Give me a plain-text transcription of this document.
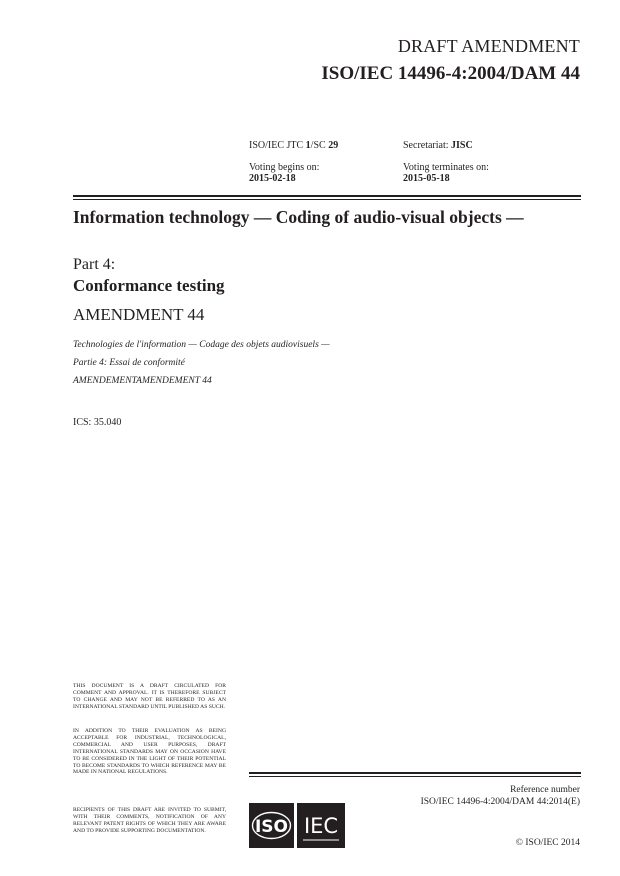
DRAFT AMENDMENT
ISO/IEC 14496-4:2004/DAM 44
ISO/IEC JTC 1/SC 29	Secretariat: JISC
Voting begins on:
2015-02-18
Voting terminates on:
2015-05-18
Information technology — Coding of audio-visual objects —
Part 4:
Conformance testing
AMENDMENT 44
Technologies de l'information — Codage des objets audiovisuels —
Partie 4: Essai de conformité
AMENDEMENTAMENDEMENT 44
ICS: 35.040
THIS DOCUMENT IS A DRAFT CIRCULATED FOR COMMENT AND APPROVAL. IT IS THEREFORE SUBJECT TO CHANGE AND MAY NOT BE REFERRED TO AS AN INTERNATIONAL STANDARD UNTIL PUBLISHED AS SUCH.
IN ADDITION TO THEIR EVALUATION AS BEING ACCEPTABLE FOR INDUSTRIAL, TECHNOLOGICAL, COMMERCIAL AND USER PURPOSES, DRAFT INTERNATIONAL STANDARDS MAY ON OCCASION HAVE TO BE CONSIDERED IN THE LIGHT OF THEIR POTENTIAL TO BECOME STANDARDS TO WHICH REFERENCE MAY BE MADE IN NATIONAL REGULATIONS.
RECIPIENTS OF THIS DRAFT ARE INVITED TO SUBMIT, WITH THEIR COMMENTS, NOTIFICATION OF ANY RELEVANT PATENT RIGHTS OF WHICH THEY ARE AWARE AND TO PROVIDE SUPPORTING DOCUMENTATION.
Reference number
ISO/IEC 14496-4:2004/DAM 44:2014(E)
ISO IEC
© ISO/IEC 2014
